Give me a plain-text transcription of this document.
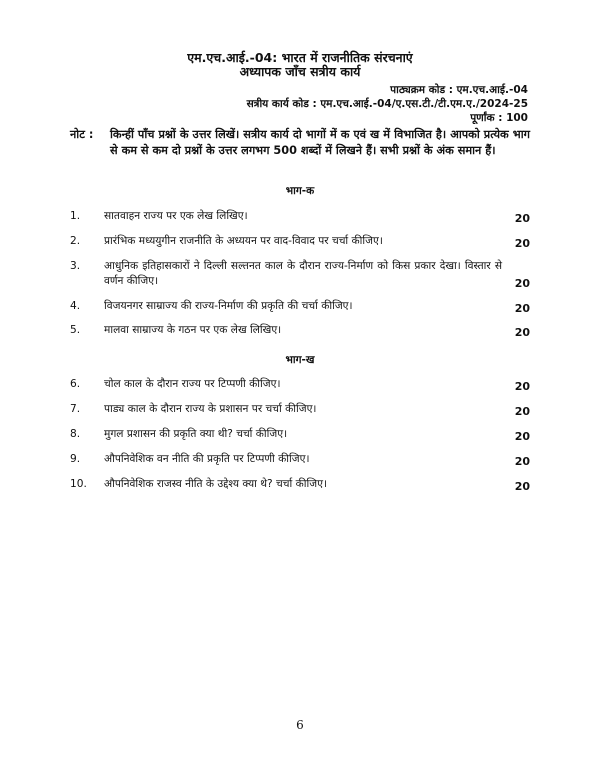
एम.एच.आई.-04: भारत में राजनीतिक संरचनाएं
अध्यापक जाँच सत्रीय कार्य
पाठ्यक्रम कोड : एम.एच.आई.-04
सत्रीय कार्य कोड : एम.एच.आई.-04/ए.एस.टी./टी.एम.ए./2024-25
पूर्णांक : 100
नोट : किन्हीं पाँच प्रश्नों के उत्तर लिखें। सत्रीय कार्य दो भागों में क एवं ख में विभाजित है। आपको प्रत्येक भाग से कम से कम दो प्रश्नों के उत्तर लगभग 500 शब्दों में लिखने हैं। सभी प्रश्नों के अंक समान हैं।
भाग-क
1. सातवाहन राज्य पर एक लेख लिखिए।	20
2. प्रारंभिक मध्ययुगीन राजनीति के अध्ययन पर वाद-विवाद पर चर्चा कीजिए।	20
3. आधुनिक इतिहासकारों ने दिल्ली सल्तनत काल के दौरान राज्य-निर्माण को किस प्रकार देखा। विस्तार से वर्णन कीजिए।	20
4. विजयनगर साम्राज्य की राज्य-निर्माण की प्रकृति की चर्चा कीजिए।	20
5. मालवा साम्राज्य के गठन पर एक लेख लिखिए।	20
भाग-ख
6. चोल काल के दौरान राज्य पर टिप्पणी कीजिए।	20
7. पाड्य काल के दौरान राज्य के प्रशासन पर चर्चा कीजिए।	20
8. मुगल प्रशासन की प्रकृति क्या थी? चर्चा कीजिए।	20
9. औपनिवेशिक वन नीति की प्रकृति पर टिप्पणी कीजिए।	20
10. औपनिवेशिक राजस्व नीति के उद्देश्य क्या थे? चर्चा कीजिए।	20
6
